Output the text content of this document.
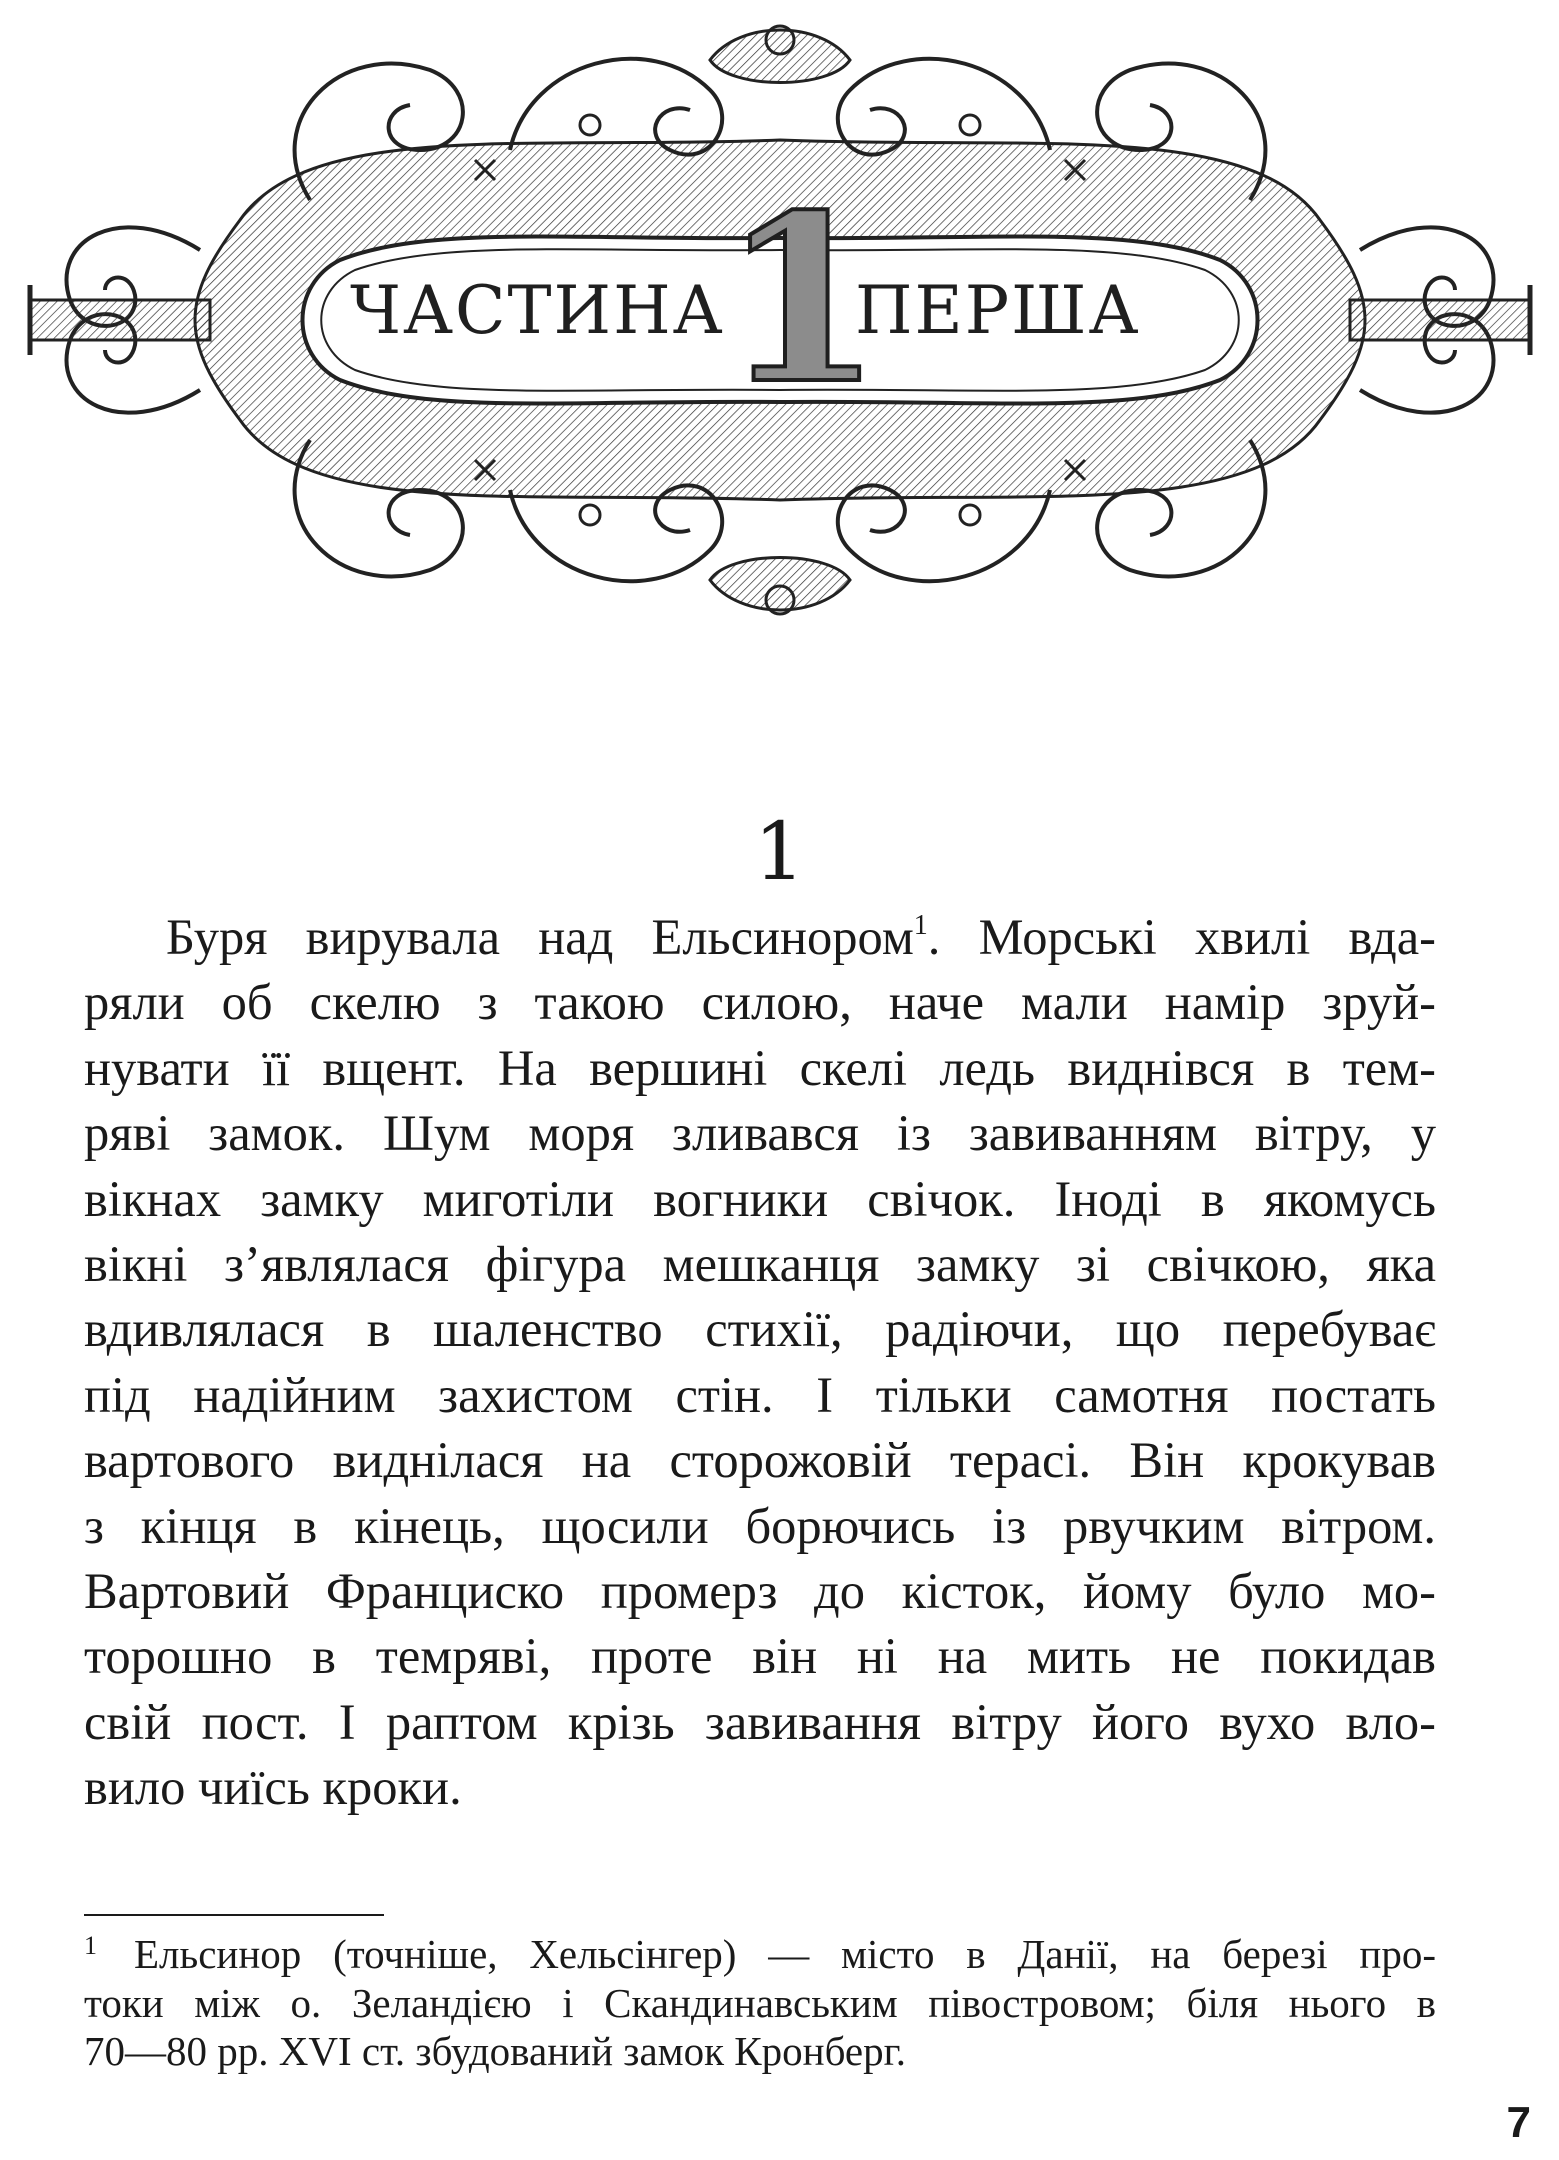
ЧАСТИНА
1
ПЕРША
1
Буря вирувала над Ельсинором$^1$. Морські хвилі вда-
ряли об скелю з такою силою, наче мали намір зруй-
нувати її вщент. На вершині скелі ледь виднівся в тем-
ряві замок. Шум моря зливався із завиванням вітру, у
вікнах замку миготіли вогники свічок. Іноді в якомусь
вікні з’являлася фігура мешканця замку зі свічкою, яка
вдивлялася в шаленство стихії, радіючи, що перебуває
під надійним захистом стін. І тільки самотня постать
вартового виднілася на сторожовій терасі. Він крокував
з кінця в кінець, щосили борючись із рвучким вітром.
Вартовий Франциско промерз до кісток, йому було мо-
торошно в темряві, проте він ні на мить не покидав
свій пост. І раптом крізь завивання вітру його вухо вло-
вило чиїсь кроки.
1 Ельсинор (точніше, Хельсінгер) — місто в Данії, на березі про-
токи між о. Зеландією і Скандинавським півостровом; біля нього в
70—80 рр. XVI ст. збудований замок Кронберг.
7
